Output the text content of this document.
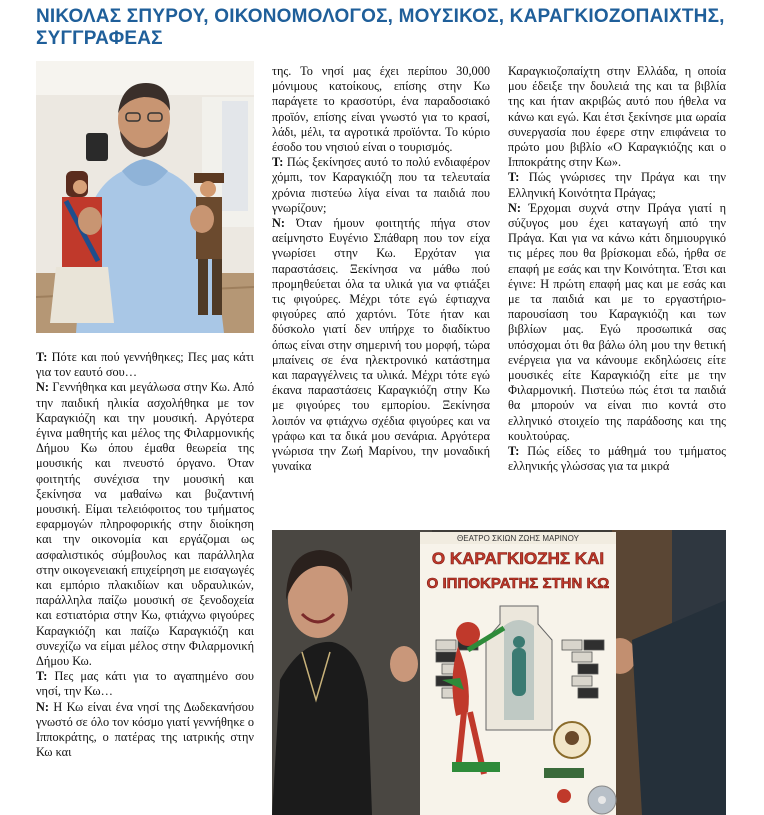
ΝΙΚΟΛΑΣ ΣΠΥΡΟΥ, ΟΙΚΟΝΟΜΟΛΟΓΟΣ, ΜΟΥΣΙΚΟΣ, ΚΑΡΑΓΚΙΟΖΟΠΑΙΧΤΗΣ, ΣΥΓΓΡΑΦΕΑΣ

Τ: Πότε και πού γεννήθηκες; Πες μας κάτι για τον εαυτό σου…

Ν: Γεννήθηκα και μεγάλωσα στην Κω. Από την παιδική ηλικία ασχολήθηκα με τον Καραγκιόζη και την μουσική. Αργότερα έγινα μαθητής και μέλος της Φιλαρμονικής Δήμου Κω όπου έμαθα θεωρεία της μουσικής και πνευστό όργανο. Όταν φοιτητής συνέχισα την μουσική και ξεκίνησα να μαθαίνω και βυζαντινή μουσική. Είμαι τελειόφοιτος του τμήματος εφαρμογών πληροφορικής στην διοίκηση και την οικονομία και εργάζομαι ως ασφαλιστικός σύμβουλος και παράλληλα στην οικογενειακή επιχείρηση με εισαγωγές και εμπόριο πλακιδίων και υδραυλικών, παράλληλα παίζω μουσική σε ξενοδοχεία και εστιατόρια στην Κω, φτιάχνω φιγούρες Καραγκιόζη και παίζω Καραγκιόζη και συνεχίζω να είμαι μέλος στην Φιλαρμονική Δήμου Κω.

Τ: Πες μας κάτι για το αγαπημένο σου νησί, την Κω…

Ν: Η Κω είναι ένα νησί της Δωδεκανήσου γνωστό σε όλο τον κόσμο γιατί γεννήθηκε ο Ιπποκράτης, ο πατέρας της ιατρικής στην Κω και

της. Το νησί μας έχει περίπου 30,000 μόνιμους κατοίκους, επίσης στην Κω παράγετε το κρασοτύρι, ένα παραδοσιακό προϊόν, επίσης είναι γνωστό για το κρασί, λάδι, μέλι, τα αγροτικά προϊόντα. Το κύριο έσοδο του νησιού είναι ο τουρισμός.

Τ: Πώς ξεκίνησες αυτό το πολύ ενδιαφέρον χόμπι, τον Καραγκιόζη που τα τελευταία χρόνια πιστεύω λίγα είναι τα παιδιά που γνωρίζουν;

Ν: Όταν ήμουν φοιτητής πήγα στον αείμνηστο Ευγένιο Σπάθαρη που τον είχα γνωρίσει στην Κω. Ερχόταν για παραστάσεις. Ξεκίνησα να μάθω πού προμηθεύεται όλα τα υλικά για να φτιάξει τις φιγούρες. Μέχρι τότε εγώ έφτιαχνα φιγούρες από χαρτόνι. Τότε ήταν και δύσκολο γιατί δεν υπήρχε το διαδίκτυο όπως είναι στην σημερινή του μορφή, τώρα μπαίνεις σε ένα ηλεκτρονικό κατάστημα και παραγγέλνεις τα υλικά. Μέχρι τότε εγώ έκανα παραστάσεις Καραγκιόζη στην Κω με φιγούρες του εμπορίου. Ξεκίνησα λοιπόν να φτιάχνω σχέδια φιγούρες και να γράφω και τα δικά μου σενάρια. Αργότερα γνώρισα την Ζωή Μαρίνου, την μοναδική γυναίκα

Καραγκιοζοπαίχτη στην Ελλάδα, η οποία μου έδειξε την δουλειά της και τα βιβλία της και ήταν ακριβώς αυτό που ήθελα να κάνω και εγώ. Και έτσι ξεκίνησε μια ωραία συνεργασία που έφερε στην επιφάνεια το πρώτο μου βιβλίο «Ο Καραγκιόζης και ο Ιπποκράτης στην Κω».

Τ: Πώς γνώρισες την Πράγα και την Ελληνική Κοινότητα Πράγας;

Ν: Έρχομαι συχνά στην Πράγα γιατί η σύζυγος μου έχει καταγωγή από την Πράγα. Και για να κάνω κάτι δημιουργικό τις μέρες που θα βρίσκομαι εδώ, ήρθα σε επαφή με εσάς και την Κοινότητα. Έτσι και έγινε: Η πρώτη επαφή μας και με εσάς και με τα παιδιά και με το εργαστήριο- παρουσίαση του Καραγκιόζη και των βιβλίων μας. Εγώ προσωπικά σας υπόσχομαι ότι θα βάλω όλη μου την θετική ενέργεια για να κάνουμε εκδηλώσεις είτε μουσικές είτε Καραγκιόζη είτε με την Φιλαρμονική. Πιστεύω πώς έτσι τα παιδιά θα μπορούν να είναι πιο κοντά στο ελληνικό στοιχείο της παράδοσης και της κουλτούρας.

Τ: Πώς είδες το μάθημά του τμήματος ελληνικής γλώσσας για τα μικρά

ΘΕΑΤΡΟ ΣΚΙΩΝ ΖΩΗΣ ΜΑΡΙΝΟΥ
Ο ΚΑΡΑΓΚΙΟΖΗΣ ΚΑΙ
Ο ΙΠΠΟΚΡΑΤΗΣ ΣΤΗΝ ΚΩ
